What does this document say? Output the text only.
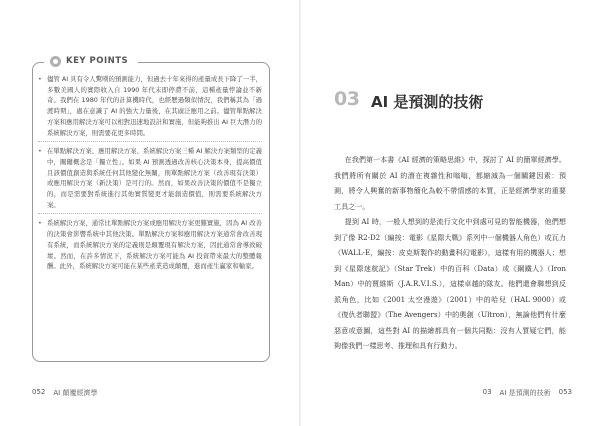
KEY POINTS
• 儘管 AI 具有令人驚嘆的預測能力，但過去十年來得的產量成長下降了一半，多數美國人的實際收入自 1990 年代末即停滯不前，這種產量悖論並不新奇。我們在 1980 年代的計算機時代，也經歷過類似情況，我們稱其為「過渡時期」，處在意識了 AI 的強大力量後，在其廣泛應用之前。儘管單點解決方案和應用解決方案可以相對迅速地設計和實施，但能夠推出 AI 巨大潛力的系統解決方案，則需要花更多時間。
• 在單點解決方案、應用解決方案、系統解決方案三種 AI 解決方案類型的定義中，關鍵概念是「獨立性」。如果 AI 預測透過改善核心決策本身，提高價值且該價值創造與系統任何其他變化無關，則單點解決方案（改善現有決策）或應用解決方案（新決策）是可行的。然而，如果改善決策的價值不是獨立的，而是需要對系統進行其他實質變更才能創造價值，則需要系統解決方案。
• 系統解決方案，通常比單點解決方案或應用解決方案更難實施，因為 AI 改善的決策會影響系統中其他決策。單點解決方案和應用解決方案通常會改善現有系統，而系統解決方案的定義則是顛覆現有解決方案，因此通常會導致破壞。然而，在許多情況下，系統解決方案可能為 AI 投資帶來最大的整體報酬。此外，系統解決方案可能在某些產業造成顛覆，進而產生贏家和輸家。
052 AI 顛覆經濟學
03 AI 是預測的技術

在我們第一本書《AI 經濟的策略思維》中，探討了 AI 的簡單經濟學。我們將所有關於 AI 的潛在複雜性和嗡嗡，都縮減為一個關鍵因素：預測，將令人興奮的新事物簡化為較不帶情感的本質，正是經濟學家的重要工具之一。

提到 AI 時，一般人想到的是流行文化中到處可見的智能機器，他們想到了像 R2-D2（編按：電影《星際大戰》系列中一個機器人角色）或瓦力（WALL-E，編按：皮克斯製作的動畫科幻電影），這樣有用的機器人；想到《星際迷航記》（Star Trek）中的百科（Data）或《鋼鐵人》（Iron Man）中的賈維斯（J.A.R.V.I.S.），這樣卓越的隊友。他們還會聯想到反派角色，比如《2001 太空漫遊》（2001）中的哈兒（HAL 9000）或《復仇者聯盟》（The Avengers）中的奧創（Ultron），無論他們有什麼惡意或意圖，這些對 AI 的描繪都具有一個共同點：沒有人質疑它們，能夠像我們一樣思考、推理和具有行動力。

03 AI 是預測的技術 053
